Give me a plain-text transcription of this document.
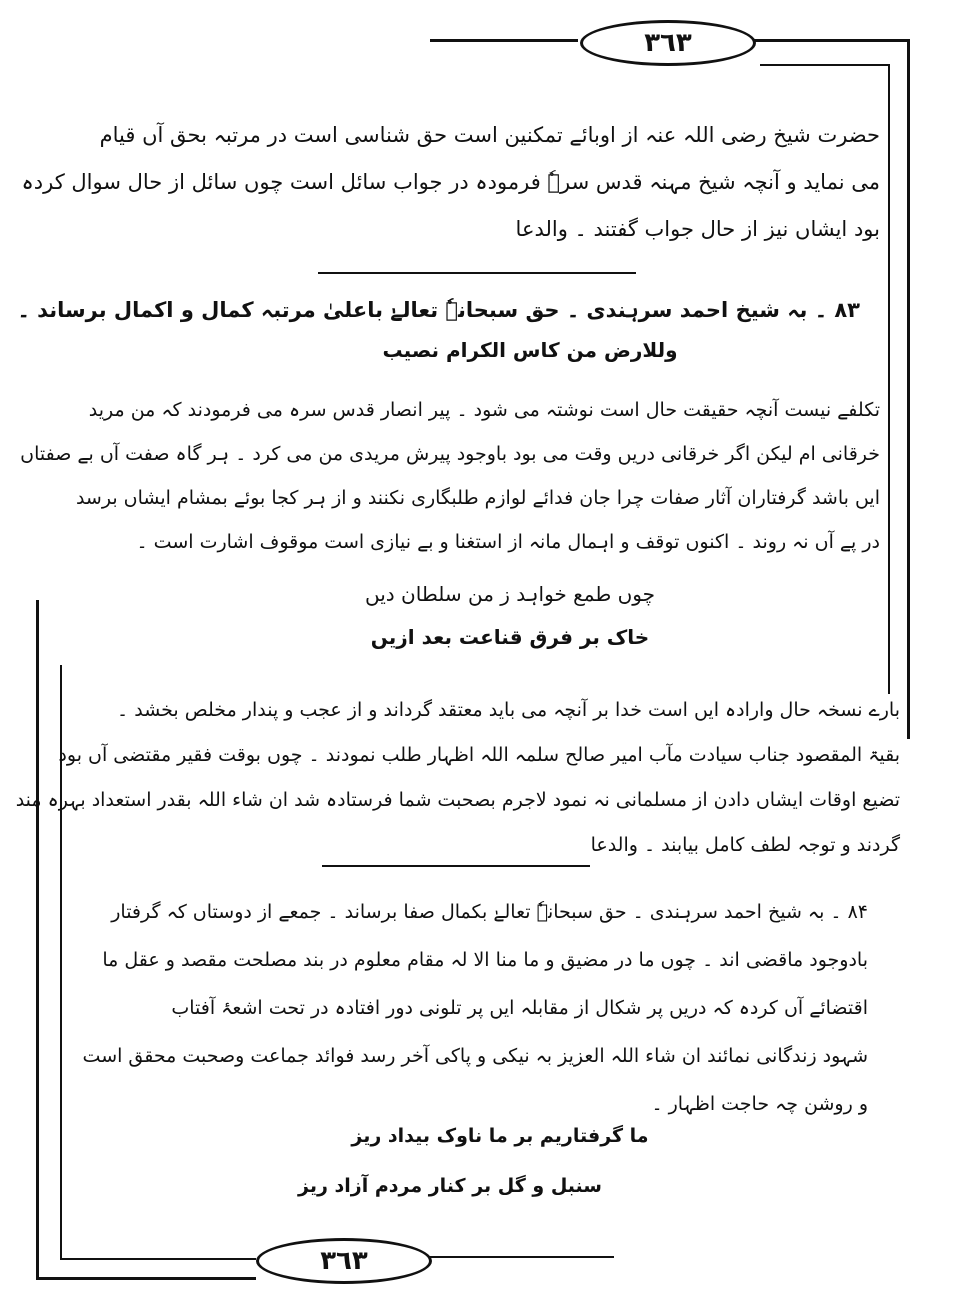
٣٦٣
٣٦٣
حضرت شیخ رضی اللہ عنہ از اوبائے تمکنین است حق شناسی است در مرتبہ بحق آں قیام
می نماید و آنچہ شیخ مہنہ قدس سرہٗ فرمودہ در جواب سائل است چوں سائل از حال سوال کردہ
بود ایشاں نیز از حال جواب گفتند ۔ والدعا
۸۳ ۔ بہ شیخ احمد سرہندی ۔ حق سبحانہٗ تعالےٰ باعلیٰ مرتبہ کمال و اکمال برساند ۔
وللارض من کاس الکرام نصیب
تکلفے نیست آنچہ حقیقت حال است نوشتہ می شود ۔ پیر انصار قدس سرہ می فرمودند کہ من مرید
خرقانی ام لیکن اگر خرقانی دریں وقت می بود باوجود پیرش مریدی من می کرد ۔ ہر گاہ صفت آں بے صفتاں
ایں باشد گرفتاران آثار صفات چرا جان فدائے لوازم طلبگاری نکنند و از ہر کجا بوئے بمشام ایشاں برسد
در پے آں نہ روند ۔ اکنوں توقف و اہمال مانہ از استغنا و بے نیازی است موقوف اشارت است ۔
چوں طمع خواہد ز من سلطان دیں
خاک بر فرق قناعت بعد ازیں
بارے نسخہ حال وارادہ ایں است خدا بر آنچہ می باید معتقد گرداند و از عجب و پندار مخلص بخشد ۔
بقیۃ المقصود جناب سیادت مآب امیر صالح سلمہ اللہ اظہار طلب نمودند ۔ چوں بوقت فقیر مقتضی آں بود
تضیع اوقات ایشاں دادن از مسلمانی نہ نمود لاجرم بصحبت شما فرستادہ شد ان شاء اللہ بقدر استعداد بہرہ مند
گردند و توجہ لطف کامل بیابند ۔ والدعا
۸۴ ۔ بہ شیخ احمد سرہندی ۔ حق سبحانہٗ تعالےٰ بکمال صفا برساند ۔ جمعے از دوستاں کہ گرفتار
بادوجود ماقضی اند ۔ چوں ما در مضیق و ما منا الا لہ مقام معلوم در بند مصلحت مقصد و عقل ما
اقتضائے آں کردہ کہ دریں پر شکال از مقابلہ ایں پر تلونی دور افتادہ در تحت اشعۂ آفتاب
شہود زندگانی نمائند ان شاء اللہ العزیز بہ نیکی و پاکی آخر رسد فوائد جماعت وصحبت محقق است
و روشن چہ حاجت اظہار ۔
ما گرفتاریم بر ما ناوک بیداد ریز
سنبل و گل بر کنار مردم آزاد ریز
